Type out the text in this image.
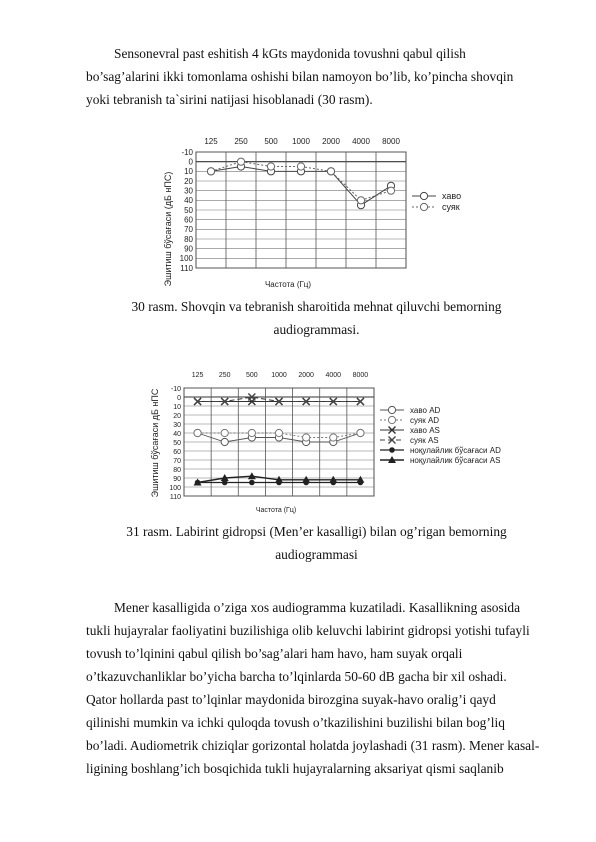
Sensonevral past eshitish 4 kGts maydonida tovushni qabul qilish
bo’sag’alarini ikki tomonlama oshishi bilan namoyon bo’lib, ko’pincha shovqin
yoki tebranish ta`sirini natijasi hisoblanadi (30 rasm).

-10
0
10
20
30
40
50
60
70
80
90
100
110
125 250 500 1000 2000 4000 8000
хаво
суяк
Эшитиш бўсағаси (дБ нПС)	Частота (Гц)

30 rasm. Shovqin va tebranish sharoitida mehnat qiluvchi bemorning
audiogrammasi.

-10
0
10
20
30
40
50
60
70
80
90
100
110
125 250 500 1000 2000 4000 8000
хаво AD
суяк AD
хаво AS
суяк AS
ноқулайлик бўсағаси AD
ноқулайлик бўсағаси AS
Эшитиш бўсағаси дБ нПС
Частота (Гц)

31 rasm. Labirint gidropsi (Men’er kasalligi) bilan og’rigan bemorning
audiogrammasi

Mener kasalligida o’ziga xos audiogramma kuzatiladi. Kasallikning asosida
tukli hujayralar faoliyatini buzilishiga olib keluvchi labirint gidropsi yotishi tufayli
tovush to’lqinini qabul qilish bo’sag’alari ham havo, ham suyak orqali
o’tkazuvchanliklar bo’yicha barcha to’lqinlarda 50-60 dB gacha bir xil oshadi.
Qator hollarda past to’lqinlar maydonida birozgina suyak-havo oralig’i qayd
qilinishi mumkin va ichki quloqda tovush o’tkazilishini buzilishi bilan bog’liq
bo’ladi. Audiometrik chiziqlar gorizontal holatda joylashadi (31 rasm). Mener kasal-
ligining boshlang’ich bosqichida tukli hujayralarning aksariyat qismi saqlanib
